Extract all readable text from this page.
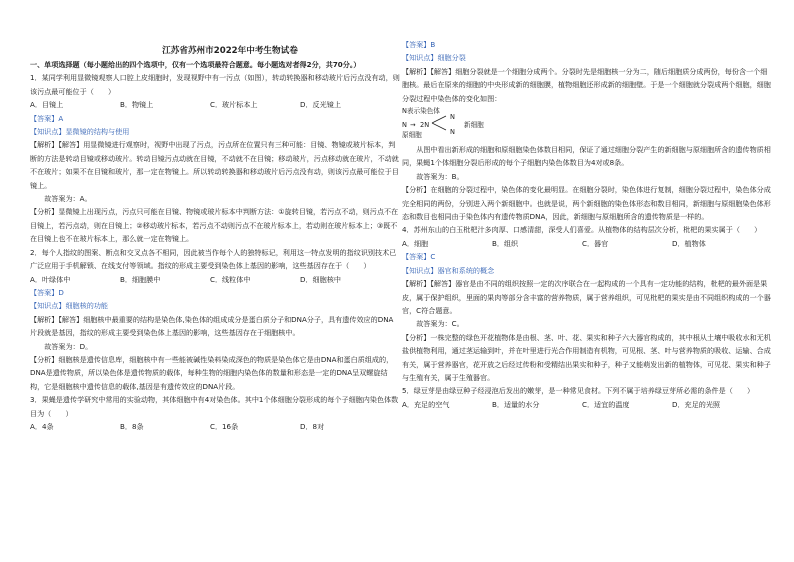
江苏省苏州市2022年中考生物试卷

一、单项选择题（每小题给出的四个选项中，仅有一个选项最符合题意。每小题选对者得2分，共70分。）

1．某同学利用显微镜观察人口腔上皮细胞时，发现视野中有一污点（如图），转动转换器和移动玻片后污点没有动，则该污点最可能位于（　　）

A．目镜上	B．物镜上	C．玻片标本上	D．反光镜上

【答案】A

【知识点】显微镜的结构与使用

【解析】【解答】用显微镜进行观察时，视野中出现了污点，污点所在位置只有三种可能：目镜、物镜或玻片标本，判断的方法是转动目镜或移动玻片。转动目镜污点动就在目镜，不动就不在目镜；移动玻片，污点移动就在玻片，不动就不在玻片；如果不在目镜和玻片，那一定在物镜上。所以转动转换器和移动玻片后污点没有动，则该污点最可能位于目镜上。

故答案为：A。

【分析】显微镜上出现污点，污点只可能在目镜、物镜或玻片标本中判断方法：①旋转目镜，若污点不动，则污点不在目镜上，若污点动，则在目镜上；②移动玻片标本，若污点不动则污点不在玻片标本上，若动则在玻片标本上；③既不在目镜上也不在玻片标本上，那么就一定在物镜上。

2．每个人指纹的图案、断点和交叉点各不相同，因此被当作每个人的独特标记，利用这一特点发明的指纹识别技术已广泛应用于手机解锁、在线支付等领域。指纹的形成主要受到染色体上基因的影响，这些基因存在于（　　）

A．叶绿体中	B．细胞膜中	C．线粒体中	D．细胞核中

【答案】D

【知识点】细胞核的功能

【解析】【解答】细胞核中最重要的结构是染色体,染色体的组成成分是蛋白质分子和DNA分子，具有遗传效应的DNA片段就是基因，指纹的形成主要受到染色体上基因的影响，这些基因存在于细胞核中。

故答案为：D。

【分析】细胞核是遗传信息库，细胞核中有一些能被碱性染料染成深色的物质是染色体它是由DNA和蛋白质组成的，DNA是遗传物质，所以染色体是遗传物质的载体，每种生物的细胞内染色体的数量和形态是一定的DNA呈双螺旋结构，它是细胞核中遗传信息的载体,基因是有遗传效应的DNA片段。

3．果蝇是遗传学研究中常用的实验动物，其体细胞中有4对染色体。其中1个体细胞分裂形成的每个子细胞内染色体数目为（　　）

A．4条	B．8条	C．16条	D．8对

【答案】B

【知识点】细胞分裂

【解析】【解答】细胞分裂就是一个细胞分成两个。分裂时先是细胞核一分为二，随后细胞质分成两份，每份含一个细胞核。最后在原来的细胞的中央形成新的细胞膜，植物细胞还形成新的细胞壁。于是一个细胞就分裂成两个细胞，细胞分裂过程中染色体的变化如图：

N表示染色体
N
原细胞
→ 2N
N
N
新细胞

从图中看出新形成的细胞和原细胞染色体数目相同，保证了通过细胞分裂产生的新细胞与原细胞所含的遗传物质相同，果蝇1个体细胞分裂后形成的每个子细胞内染色体数目为4对或8条。

故答案为：B。

【分析】在细胞的分裂过程中，染色体的变化最明显。在细胞分裂时，染色体进行复制，细胞分裂过程中，染色体分成完全相同的两份，分别进入两个新细胞中。也就是说，两个新细胞的染色体形态和数目相同，新细胞与原细胞染色体形态和数目也相同由于染色体内有遗传物质DNA，因此，新细胞与原细胞所含的遗传物质是一样的。

4．苏州东山的白玉枇杷汁多肉厚、口感清甜，深受人们喜爱。从植物体的结构层次分析，枇杷的果实属于（　　）

A．细胞	B．组织	C．器官	D．植物体

【答案】C

【知识点】器官和系统的概念

【解析】【解答】器官是由不同的组织按照一定的次序联合在一起构成的一个具有一定功能的结构，枇杷的最外面是果皮，属于保护组织，里面的果肉等部分含丰富的营养物质，属于营养组织，可见枇杷的果实是由不同组织构成的一个器官，C符合题意。

故答案为：C。

【分析】一株完整的绿色开花植物体是由根、茎、叶、花、果实和种子六大器官构成的，其中根从土壤中吸收水和无机盐供植物利用，通过茎运输到叶，并在叶里进行光合作用制造有机物，可见根、茎、叶与营养物质的吸收、运输、合成有关，属于营养器官，花开放之后经过传粉和受精结出果实和种子，种子又能萌发出新的植物体，可见花、果实和种子与生殖有关，属于生殖器官。

5．绿豆芽是由绿豆种子经浸泡后发出的嫩芽，是一种常见食材。下列不属于培养绿豆芽所必需的条件是（　　）

A．充足的空气	B．适量的水分	C．适宜的温度	D．充足的光照
